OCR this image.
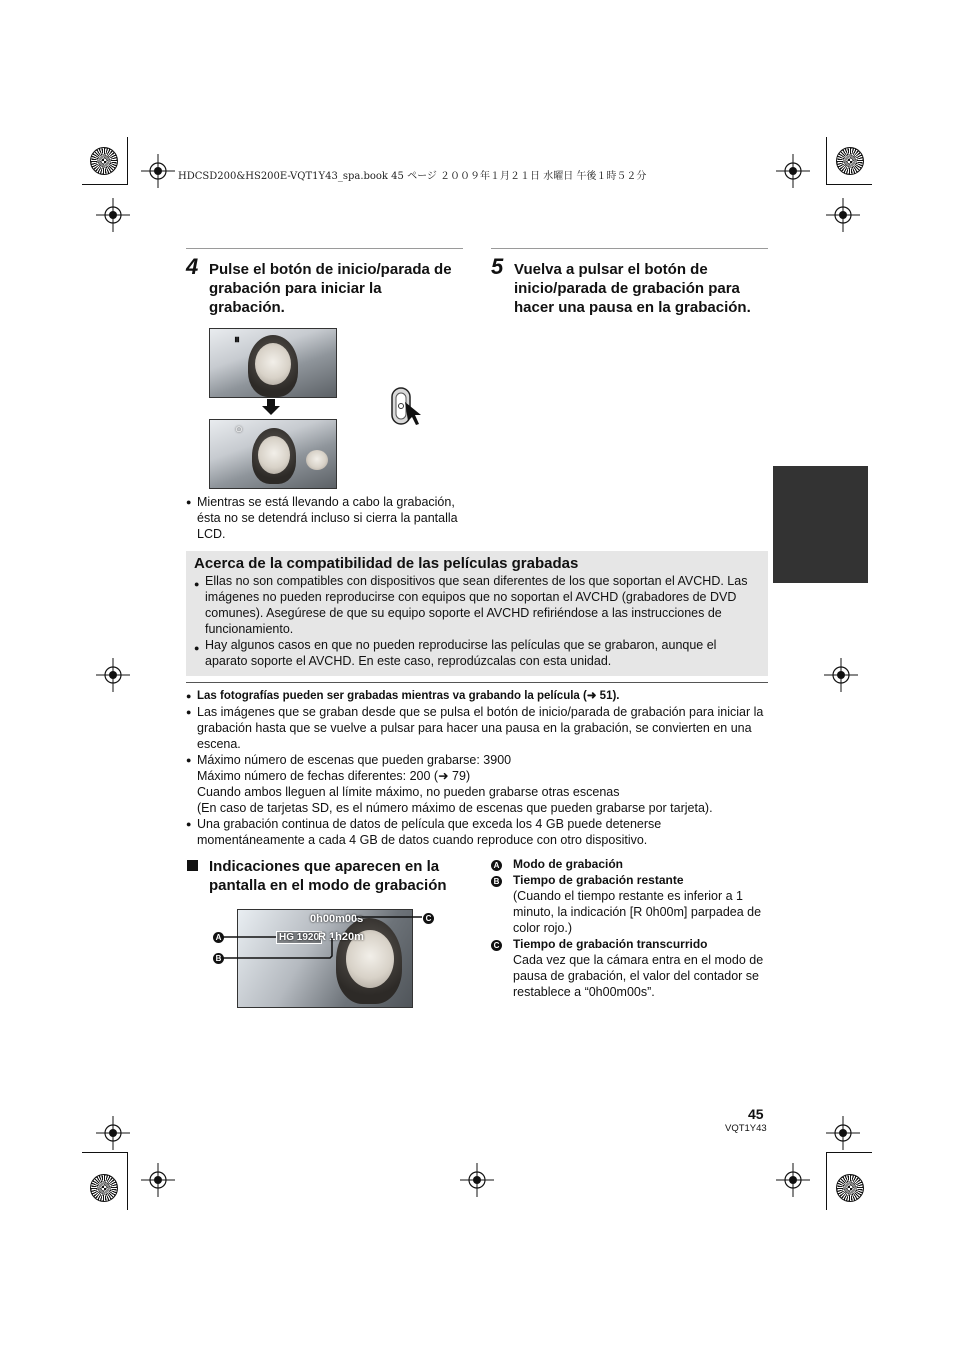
HDCSD200&HS200E-VQT1Y43_spa.book 45 ページ ２００９年１月２１日 水曜日 午後１時５２分
4 Pulse el botón de inicio/parada de grabación para iniciar la grabación.
⏸
○
● Mientras se está llevando a cabo la grabación, ésta no se detendrá incluso si cierra la pantalla LCD.
5 Vuelva a pulsar el botón de inicio/parada de grabación para hacer una pausa en la grabación.
Acerca de la compatibilidad de las películas grabadas
● Ellas no son compatibles con dispositivos que sean diferentes de los que soportan el AVCHD. Las imágenes no pueden reproducirse con equipos que no soportan el AVCHD (grabadores de DVD comunes). Asegúrese de que su equipo soporte el AVCHD refiriéndose a las instrucciones de funcionamiento.
● Hay algunos casos en que no pueden reproducirse las películas que se grabaron, aunque el aparato soporte el AVCHD. En este caso, reprodúzcalas con esta unidad.
● Las fotografías pueden ser grabadas mientras va grabando la película (➜ 51).
● Las imágenes que se graban desde que se pulsa el botón de inicio/parada de grabación para iniciar la grabación hasta que se vuelve a pulsar para hacer una pausa en la grabación, se convierten en una escena.
● Máximo número de escenas que pueden grabarse: 3900
Máximo número de fechas diferentes: 200 (➜ 79)
Cuando ambos lleguen al límite máximo, no pueden grabarse otras escenas
(En caso de tarjetas SD, es el número máximo de escenas que pueden grabarse por tarjeta).
● Una grabación continua de datos de película que exceda los 4 GB puede detenerse momentáneamente a cada 4 GB de datos cuando reproduce con otro dispositivo.
Indicaciones que aparecen en la pantalla en el modo de grabación
0h00m00s
HG 1920
R 1h20m
A
B
C
A Modo de grabación
B Tiempo de grabación restante
(Cuando el tiempo restante es inferior a 1 minuto, la indicación [R 0h00m] parpadea de color rojo.)
C Tiempo de grabación transcurrido
Cada vez que la cámara entra en el modo de pausa de grabación, el valor del contador se restablece a “0h00m00s”.
45
VQT1Y43
